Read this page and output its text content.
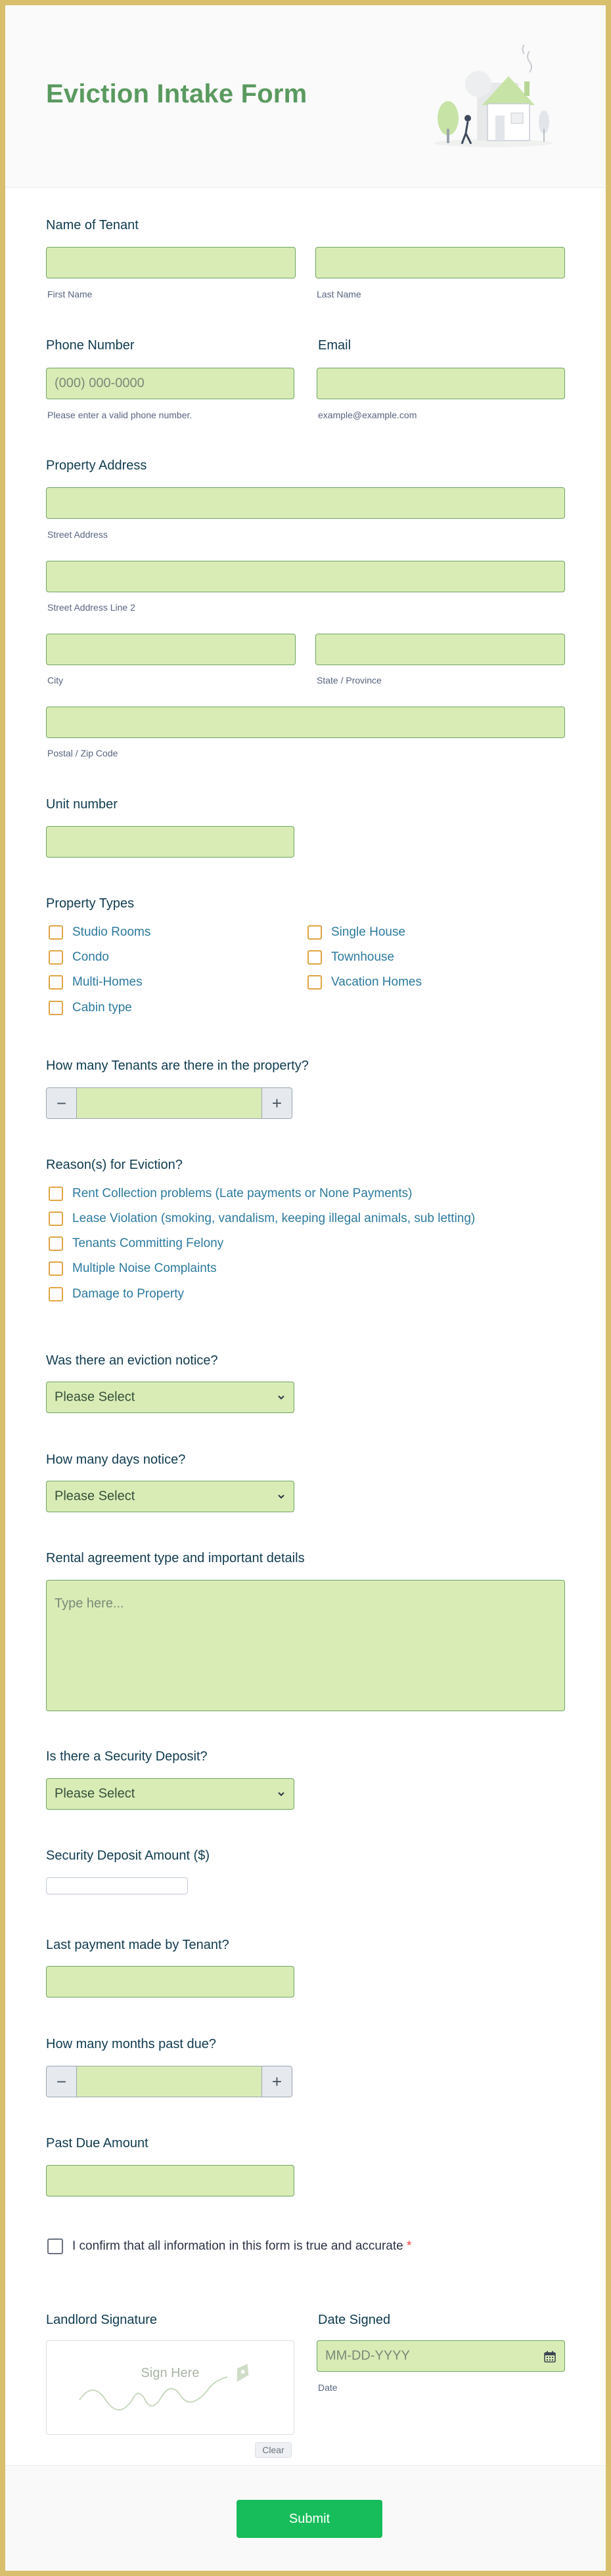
Eviction Intake Form
Name of Tenant
First Name	Last Name
Phone Number	Email
(000) 000-0000
Please enter a valid phone number.	example@example.com
Property Address
Street Address
Street Address Line 2
City	State / Province
Postal / Zip Code
Unit number
Property Types
Studio Rooms	Single House
Condo	Townhouse
Multi-Homes	Vacation Homes
Cabin type
How many Tenants are there in the property?
−	+
Reason(s) for Eviction?
Rent Collection problems (Late payments or None Payments)
Lease Violation (smoking, vandalism, keeping illegal animals, sub letting)
Tenants Committing Felony
Multiple Noise Complaints
Damage to Property
Was there an eviction notice?
Please Select
How many days notice?
Please Select
Rental agreement type and important details
Type here...
Is there a Security Deposit?
Please Select
Security Deposit Amount ($)
Last payment made by Tenant?
How many months past due?
−	+
Past Due Amount
I confirm that all information in this form is true and accurate *
Landlord Signature
Sign Here
Clear
Date Signed
MM-DD-YYYY
Date
Submit
